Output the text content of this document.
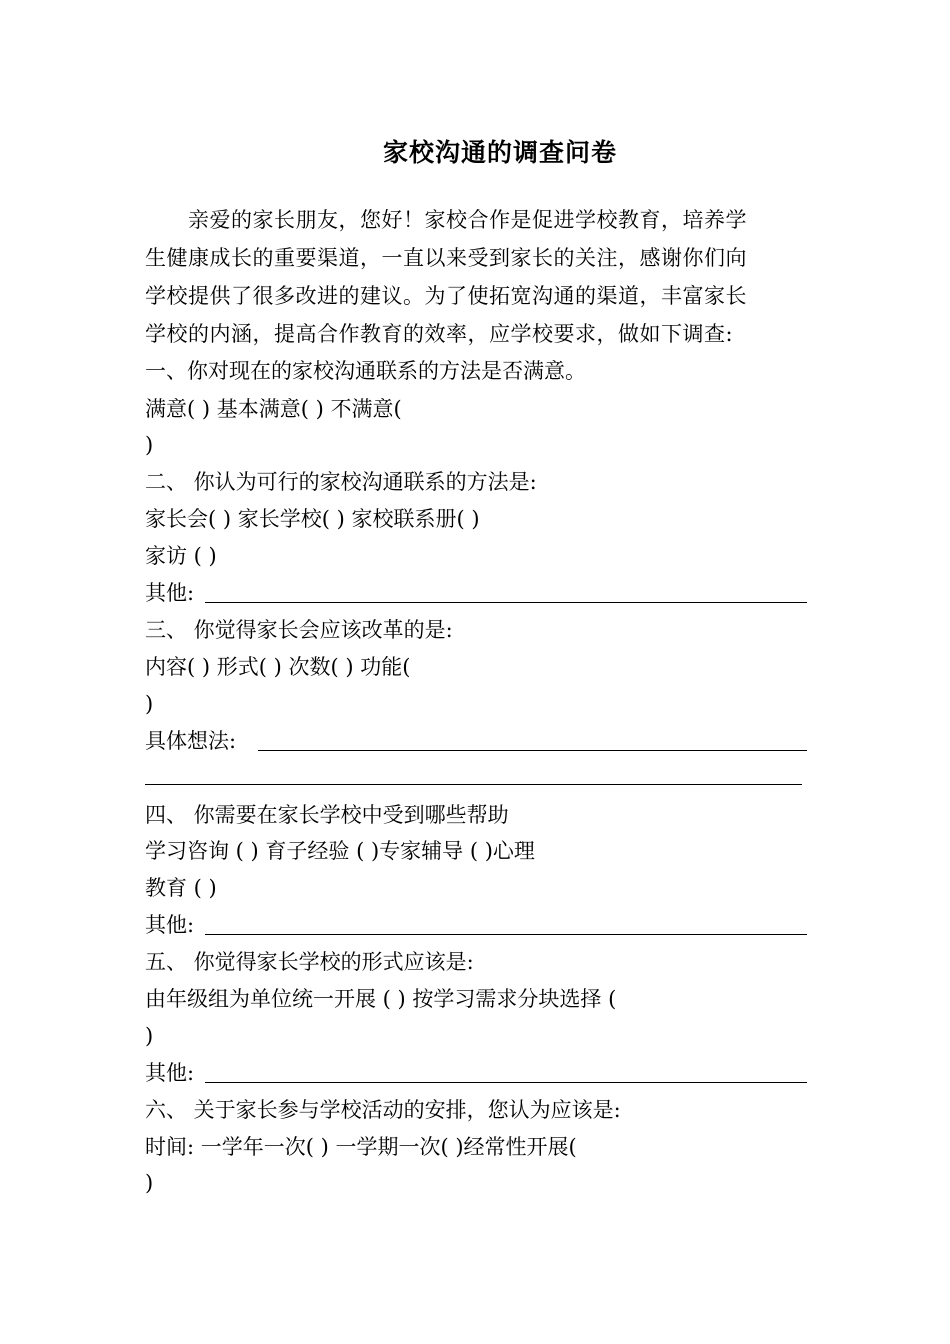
家校沟通的调查问卷
　　亲爱的家长朋友，您好！家校合作是促进学校教育，培养学
生健康成长的重要渠道，一直以来受到家长的关注，感谢你们向
学校提供了很多改进的建议。为了使拓宽沟通的渠道，丰富家长
学校的内涵，提高合作教育的效率，应学校要求，做如下调查:
一、你对现在的家校沟通联系的方法是否满意。
满意( ) 基本满意( ) 不满意(
)
二、 你认为可行的家校沟通联系的方法是:
家长会( ) 家长学校( ) 家校联系册( )
家访 ( )
其他:
三、 你觉得家长会应该改革的是:
内容( ) 形式( ) 次数( ) 功能(
)
具体想法:
四、 你需要在家长学校中受到哪些帮助
学习咨询 ( ) 育子经验 ( )专家辅导 ( )心理
教育 ( )
其他:
五、 你觉得家长学校的形式应该是:
由年级组为单位统一开展 ( ) 按学习需求分块选择 (
)
其他:
六、 关于家长参与学校活动的安排，您认为应该是:
时间: 一学年一次( ) 一学期一次( )经常性开展(
)
